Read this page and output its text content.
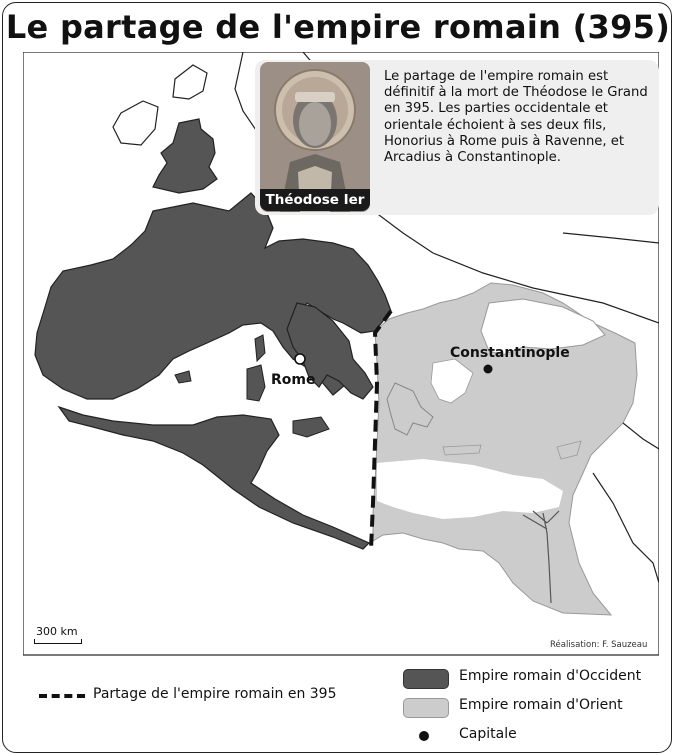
Le partage de l'empire romain (395)
Rome
Constantinople
Théodose Ier
Le partage de l'empire romain est définitif à la mort de Théodose le Grand en 395. Les parties occidentale et orientale échoient à ses deux fils, Honorius à Rome puis à Ravenne, et Arcadius à Constantinople.
300 km
Réalisation: F. Sauzeau
Partage de l'empire romain en 395
Empire romain d'Occident
Empire romain d'Orient
Capitale
